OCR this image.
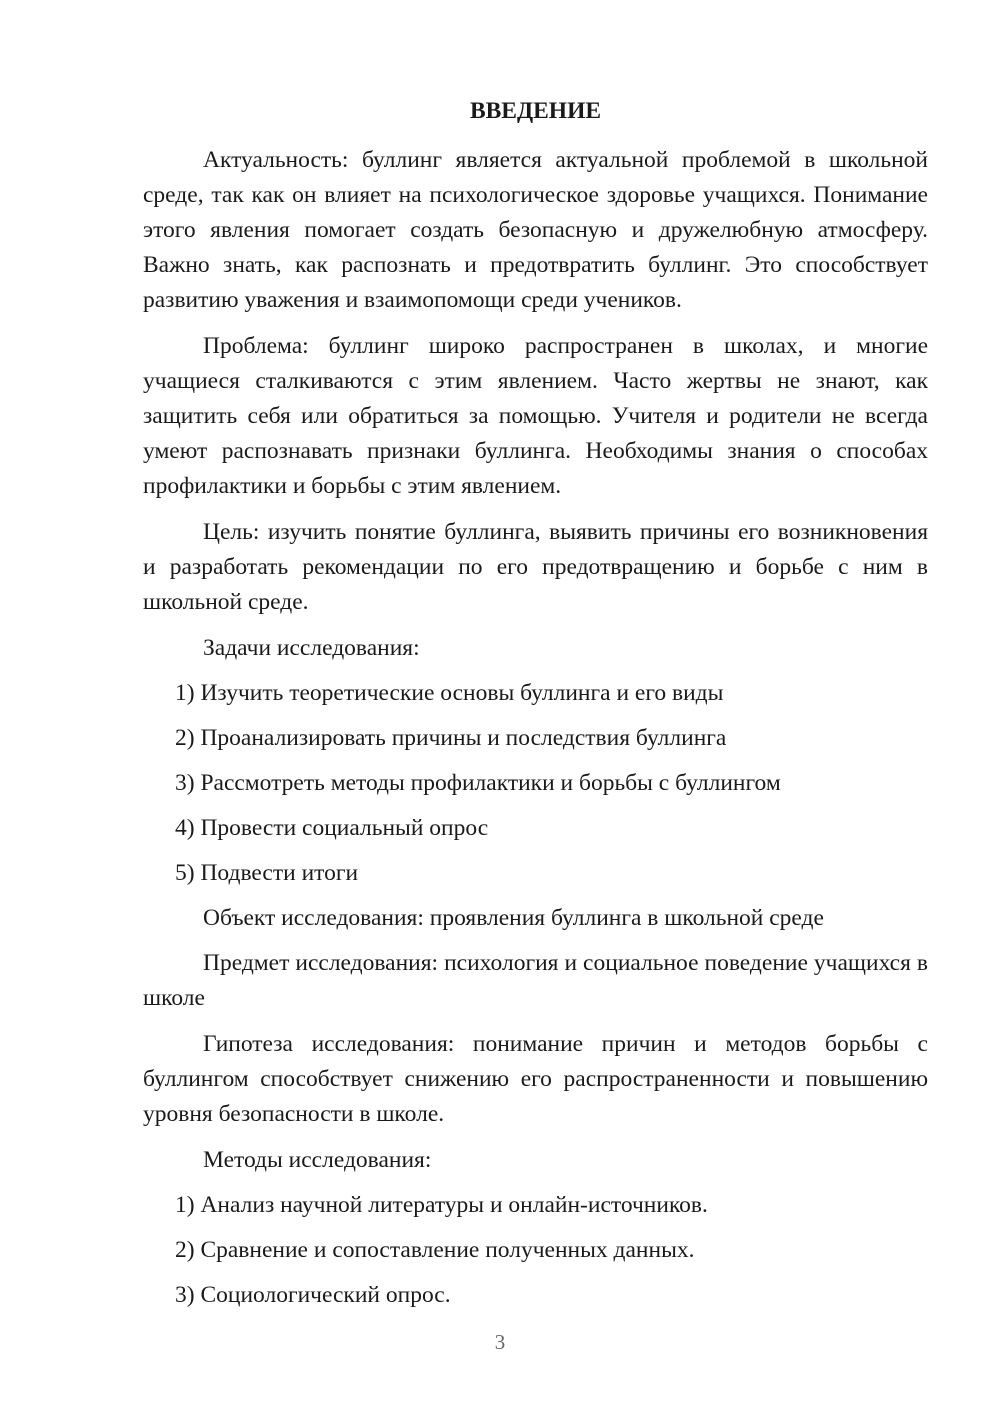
ВВЕДЕНИЕ
Актуальность: буллинг является актуальной проблемой в школьной среде, так как он влияет на психологическое здоровье учащихся. Понимание этого явления помогает создать безопасную и дружелюбную атмосферу. Важно знать, как распознать и предотвратить буллинг. Это способствует развитию уважения и взаимопомощи среди учеников.
Проблема: буллинг широко распространен в школах, и многие учащиеся сталкиваются с этим явлением. Часто жертвы не знают, как защитить себя или обратиться за помощью. Учителя и родители не всегда умеют распознавать признаки буллинга. Необходимы знания о способах профилактики и борьбы с этим явлением.
Цель: изучить понятие буллинга, выявить причины его возникновения и разработать рекомендации по его предотвращению и борьбе с ним в школьной среде.
Задачи исследования:
1) Изучить теоретические основы буллинга и его виды
2) Проанализировать причины и последствия буллинга
3) Рассмотреть методы профилактики и борьбы с буллингом
4) Провести социальный опрос
5) Подвести итоги
Объект исследования: проявления буллинга в школьной среде
Предмет исследования: психология и социальное поведение учащихся в школе
Гипотеза исследования: понимание причин и методов борьбы с буллингом способствует снижению его распространенности и повышению уровня безопасности в школе.
Методы исследования:
1) Анализ научной литературы и онлайн-источников.
2) Сравнение и сопоставление полученных данных.
3) Социологический опрос.
3
